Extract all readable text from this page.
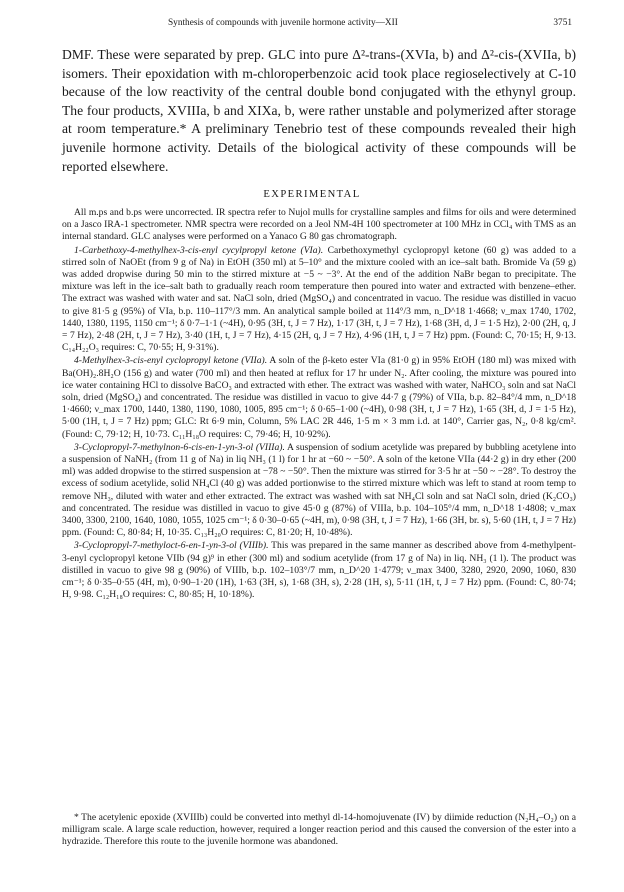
Synthesis of compounds with juvenile hormone activity—XII	3751

DMF. These were separated by prep. GLC into pure Δ²-trans-(XVIa, b) and Δ²-cis-(XVIIa, b) isomers. Their epoxidation with m-chloroperbenzoic acid took place regioselectively at C-10 because of the low reactivity of the central double bond conjugated with the ethynyl group. The four products, XVIIIa, b and XIXa, b, were rather unstable and polymerized after storage at room temperature.* A preliminary Tenebrio test of these compounds revealed their high juvenile hormone activity. Details of the biological activity of these compounds will be reported elsewhere.

EXPERIMENTAL

All m.ps and b.ps were uncorrected. IR spectra refer to Nujol mulls for crystalline samples and films for oils and were determined on a Jasco IRA-1 spectrometer. NMR spectra were recorded on a Jeol NM-4H 100 spectrometer at 100 MHz in CCl₄ with TMS as an internal standard. GLC analyses were performed on a Yanaco G 80 gas chromatograph.

1-Carbethoxy-4-methylhex-3-cis-enyl cycylpropyl ketone (VIa). Carbethoxymethyl cyclopropyl ketone (60 g) was added to a stirred soln of NaOEt (from 9 g of Na) in EtOH (350 ml) at 5–10° and the mixture cooled with an ice–salt bath. Bromide Va (59 g) was added dropwise during 50 min to the stirred mixture at −5 ~ −3°. At the end of the addition NaBr began to precipitate. The mixture was left in the ice–salt bath to gradually reach room temperature then poured into water and extracted with benzene–ether. The extract was washed with water and sat. NaCl soln, dried (MgSO₄) and concentrated in vacuo. The residue was distilled in vacuo to give 81·5 g (95%) of VIa, b.p. 110–117°/3 mm. An analytical sample boiled at 114°/3 mm, n_D^18 1·4668; ν_max 1740, 1702, 1440, 1380, 1195, 1150 cm⁻¹; δ 0·7–1·1 (~4H), 0·95 (3H, t, J = 7 Hz), 1·17 (3H, t, J = 7 Hz), 1·68 (3H, d, J = 1·5 Hz), 2·00 (2H, q, J = 7 Hz), 2·48 (2H, t, J = 7 Hz), 3·40 (1H, t, J = 7 Hz), 4·15 (2H, q, J = 7 Hz), 4·96 (1H, t, J = 7 Hz) ppm. (Found: C, 70·15; H, 9·13. C₁₄H₂₂O₃ requires: C, 70·55; H, 9·31%).

4-Methylhex-3-cis-enyl cyclopropyl ketone (VIIa). A soln of the β-keto ester VIa (81·0 g) in 95% EtOH (180 ml) was mixed with Ba(OH)₂.8H₂O (156 g) and water (700 ml) and then heated at reflux for 17 hr under N₂. After cooling, the mixture was poured into ice water containing HCl to dissolve BaCO₃ and extracted with ether. The extract was washed with water, NaHCO₃ soln and sat NaCl soln, dried (MgSO₄) and concentrated. The residue was distilled in vacuo to give 44·7 g (79%) of VIIa, b.p. 82–84°/4 mm, n_D^18 1·4660; ν_max 1700, 1440, 1380, 1190, 1080, 1005, 895 cm⁻¹; δ 0·65–1·00 (~4H), 0·98 (3H, t, J = 7 Hz), 1·65 (3H, d, J = 1·5 Hz), 5·00 (1H, t, J = 7 Hz) ppm; GLC: Rt 6·9 min, Column, 5% LAC 2R 446, 1·5 m × 3 mm i.d. at 140°, Carrier gas, N₂, 0·8 kg/cm². (Found: C, 79·12; H, 10·73. C₁₁H₁₈O requires: C, 79·46; H, 10·92%).

3-Cyclopropyl-7-methylnon-6-cis-en-1-yn-3-ol (VIIIa). A suspension of sodium acetylide was prepared by bubbling acetylene into a suspension of NaNH₂ (from 11 g of Na) in liq NH₃ (1 l) for 1 hr at −60 ~ −50°. A soln of the ketone VIIa (44·2 g) in dry ether (200 ml) was added dropwise to the stirred suspension at −78 ~ −50°. Then the mixture was stirred for 3·5 hr at −50 ~ −28°. To destroy the excess of sodium acetylide, solid NH₄Cl (40 g) was added portionwise to the stirred mixture which was left to stand at room temp to remove NH₃, diluted with water and ether extracted. The extract was washed with sat NH₄Cl soln and sat NaCl soln, dried (K₂CO₃) and concentrated. The residue was distilled in vacuo to give 45·0 g (87%) of VIIIa, b.p. 104–105°/4 mm, n_D^18 1·4808; ν_max 3400, 3300, 2100, 1640, 1080, 1055, 1025 cm⁻¹; δ 0·30–0·65 (~4H, m), 0·98 (3H, t, J = 7 Hz), 1·66 (3H, br. s), 5·60 (1H, t, J = 7 Hz) ppm. (Found: C, 80·84; H, 10·35. C₁₃H₂₀O requires: C, 81·20; H, 10·48%).

3-Cyclopropyl-7-methyloct-6-en-1-yn-3-ol (VIIIb). This was prepared in the same manner as described above from 4-methylpent-3-enyl cyclopropyl ketone VIIb (94 g)⁹ in ether (300 ml) and sodium acetylide (from 17 g of Na) in liq. NH₃ (1 l). The product was distilled in vacuo to give 98 g (90%) of VIIIb, b.p. 102–103°/7 mm, n_D^20 1·4779; ν_max 3400, 3280, 2920, 2090, 1060, 830 cm⁻¹; δ 0·35–0·55 (4H, m), 0·90–1·20 (1H), 1·63 (3H, s), 1·68 (3H, s), 2·28 (1H, s), 5·11 (1H, t, J = 7 Hz) ppm. (Found: C, 80·74; H, 9·98. C₁₂H₁₈O requires: C, 80·85; H, 10·18%).

* The acetylenic epoxide (XVIIIb) could be converted into methyl dl-14-homojuvenate (IV) by diimide reduction (N₂H₄–O₂) on a milligram scale. A large scale reduction, however, required a longer reaction period and this caused the conversion of the ester into a hydrazide. Therefore this route to the juvenile hormone was abandoned.
